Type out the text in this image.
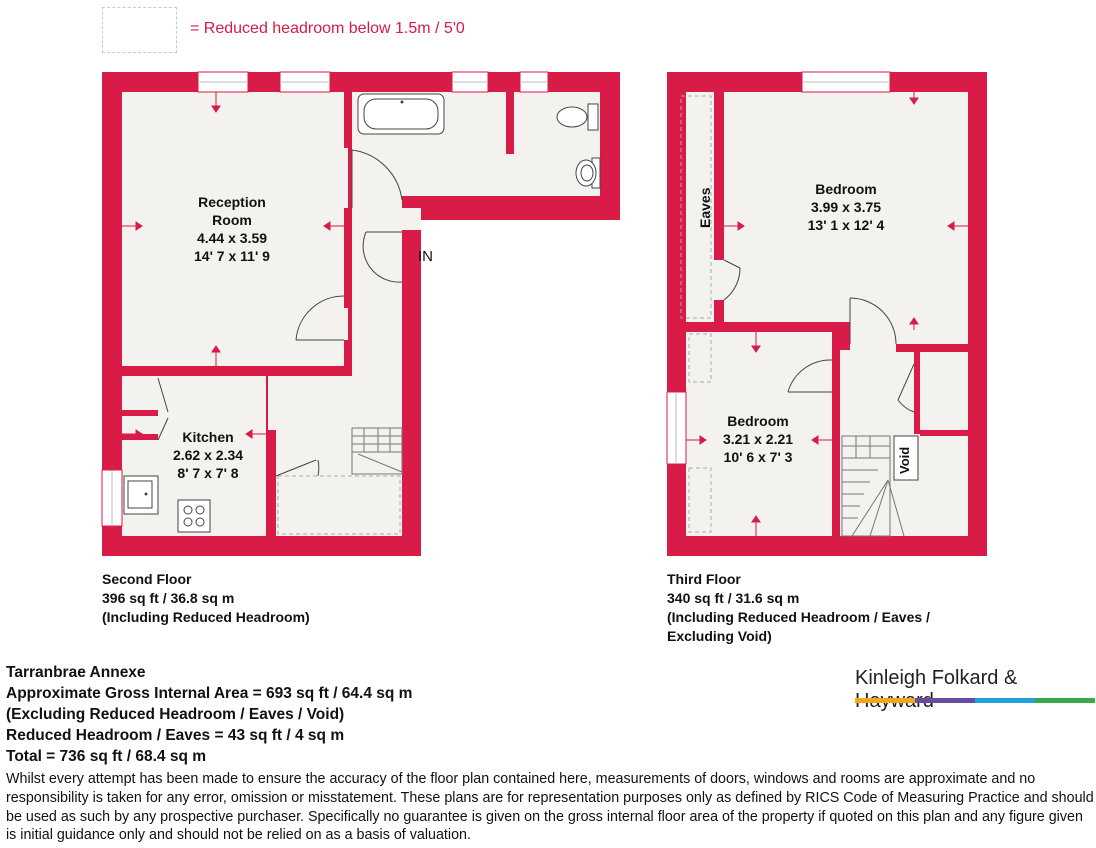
= Reduced headroom below 1.5m / 5'0
Reception
Room
4.44 x 3.59
14' 7 x 11' 9
Kitchen
2.62 x 2.34
8' 7 x 7' 8
IN
Bedroom
3.99 x 3.75
13' 1 x 12' 4
Bedroom
3.21 x 2.21
10' 6 x 7' 3
Eaves
Void
Second Floor
396 sq ft / 36.8 sq m
(Including Reduced Headroom)
Third Floor
340 sq ft / 31.6 sq m
(Including Reduced Headroom / Eaves /
Excluding Void)
Tarranbrae Annexe
Approximate Gross Internal Area = 693 sq ft / 64.4 sq m
(Excluding Reduced Headroom / Eaves / Void)
Reduced Headroom / Eaves = 43 sq ft / 4 sq m
Total = 736 sq ft / 68.4 sq m
Kinleigh Folkard &
Whilst every attempt has been made to ensure the accuracy of the floor plan contained here, measurements of doors, windows and rooms are approximate and no responsibility is taken for any error, omission or misstatement. These plans are for representation purposes only as defined by RICS Code of Measuring Practice and should be used as such by any prospective purchaser. Specifically no guarantee is given on the gross internal floor area of the property if quoted on this plan and any figure given is initial guidance only and should not be relied on as a basis of valuation.
